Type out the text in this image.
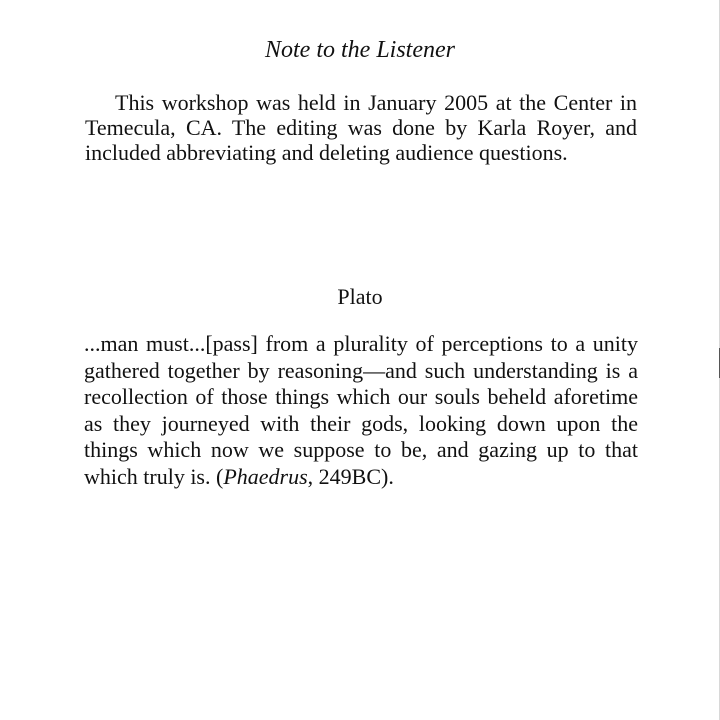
Note to the Listener

This workshop was held in January 2005 at the Center in Temecula, CA. The editing was done by Karla Royer, and included abbreviating and deleting audience questions.

Plato

...man must...[pass] from a plurality of perceptions to a unity gathered together by reasoning—and such understanding is a recollection of those things which our souls beheld aforetime as they journeyed with their gods, looking down upon the things which now we suppose to be, and gazing up to that which truly is. (Phaedrus, 249BC).
